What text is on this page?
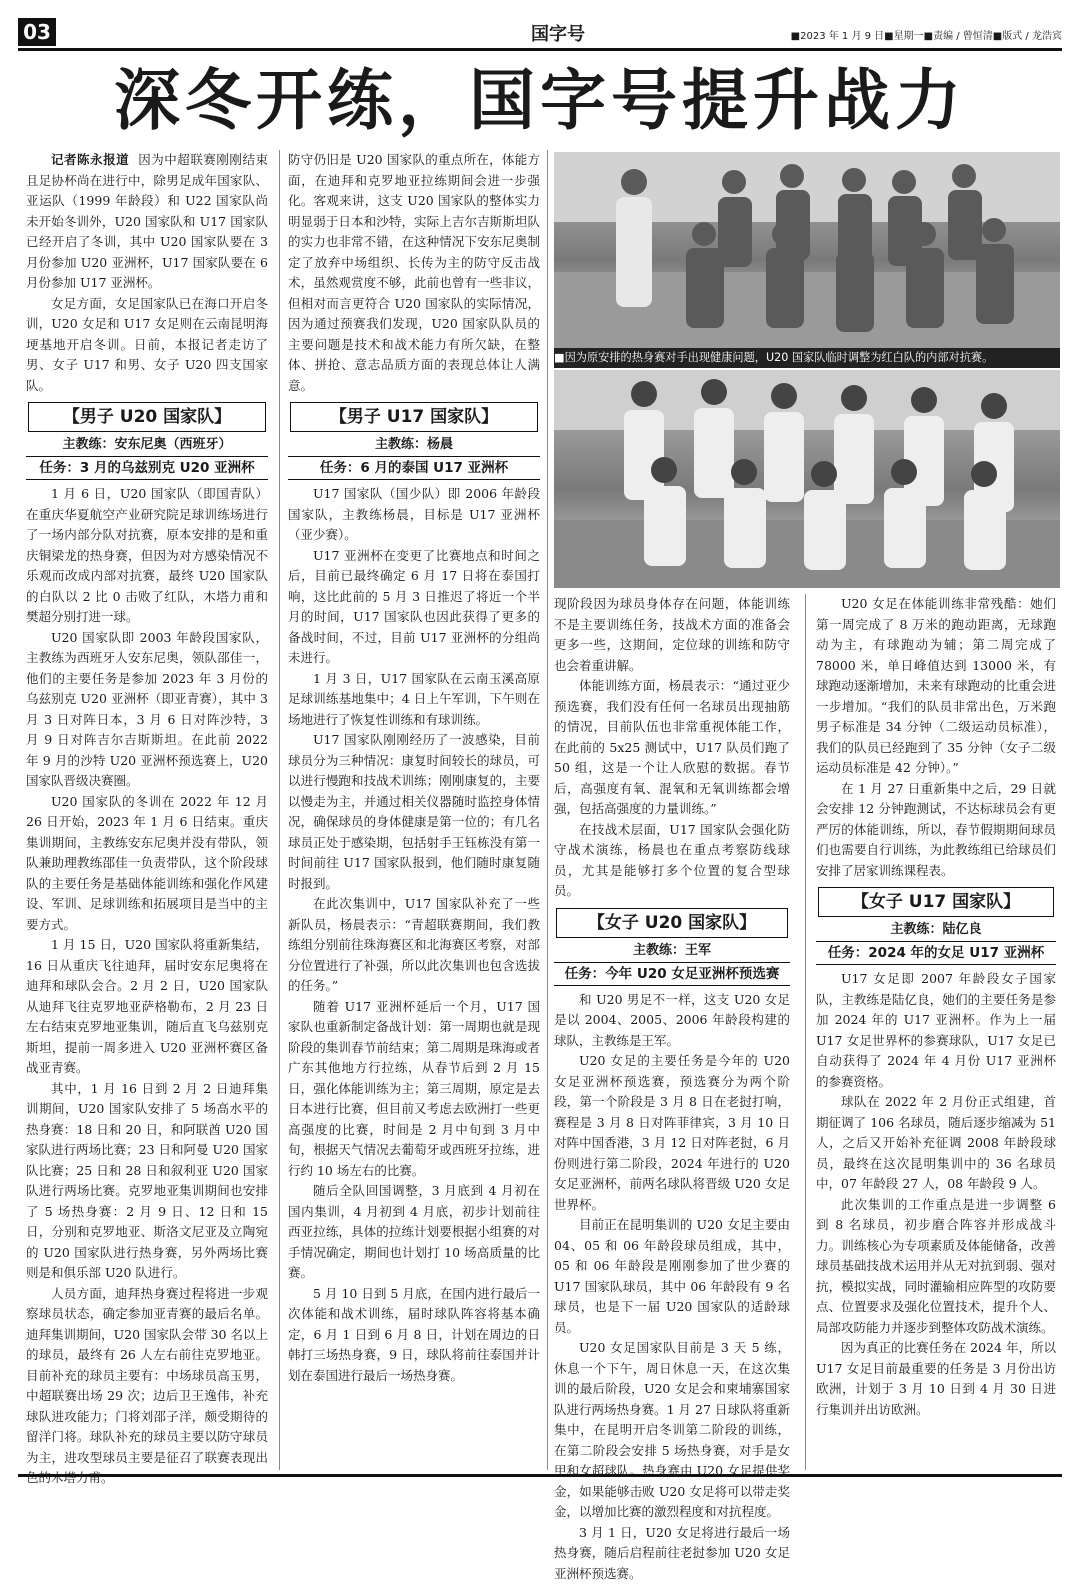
03	国字号	■2023 年 1 月 9 日■星期一■责编 / 曾恒清■版式 / 龙浩宾
深冬开练，国字号提升战力

记者陈永报道 因为中超联赛刚刚结束且足协杯尚在进行中，除男足成年国家队、亚运队（1999 年龄段）和 U22 国家队尚未开始冬训外，U20 国家队和 U17 国家队已经开启了冬训，其中 U20 国家队要在 3 月份参加 U20 亚洲杯，U17 国家队要在 6 月份参加 U17 亚洲杯。

女足方面，女足国家队已在海口开启冬训，U20 女足和 U17 女足则在云南昆明海埂基地开启冬训。日前，本报记者走访了男、女子 U17 和男、女子 U20 四支国家队。

【男子 U20 国家队】
主教练：安东尼奥（西班牙）
任务：3 月的乌兹别克 U20 亚洲杯

1 月 6 日，U20 国家队（即国青队）在重庆华夏航空产业研究院足球训练场进行了一场内部分队对抗赛，原本安排的是和重庆铜梁龙的热身赛，但因为对方感染情况不乐观而改成内部对抗赛，最终 U20 国家队的白队以 2 比 0 击败了红队，木塔力甫和樊超分别打进一球。

U20 国家队即 2003 年龄段国家队，主教练为西班牙人安东尼奥，领队邵佳一，他们的主要任务是参加 2023 年 3 月份的乌兹别克 U20 亚洲杯（即亚青赛），其中 3 月 3 日对阵日本，3 月 6 日对阵沙特，3 月 9 日对阵吉尔吉斯斯坦。在此前 2022 年 9 月的沙特 U20 亚洲杯预选赛上，U20 国家队晋级决赛圈。

U20 国家队的冬训在 2022 年 12 月 26 日开始，2023 年 1 月 6 日结束。重庆集训期间，主教练安东尼奥并没有带队，领队兼助理教练邵佳一负责带队，这个阶段球队的主要任务是基础体能训练和强化作风建设、军训、足球训练和拓展项目是当中的主要方式。

1 月 15 日，U20 国家队将重新集结，16 日从重庆飞往迪拜，届时安东尼奥将在迪拜和球队会合。2 月 2 日，U20 国家队从迪拜飞往克罗地亚萨格勒布，2 月 23 日左右结束克罗地亚集训，随后直飞乌兹别克斯坦，提前一周多进入 U20 亚洲杯赛区备战亚青赛。

其中，1 月 16 日到 2 月 2 日迪拜集训期间，U20 国家队安排了 5 场高水平的热身赛：18 日和 20 日，和阿联酋 U20 国家队进行两场比赛；23 日和阿曼 U20 国家队比赛；25 日和 28 日和叙利亚 U20 国家队进行两场比赛。克罗地亚集训期间也安排了 5 场热身赛：2 月 9 日、12 日和 15 日，分别和克罗地亚、斯洛文尼亚及立陶宛的 U20 国家队进行热身赛，另外两场比赛则是和俱乐部 U20 队进行。

人员方面，迪拜热身赛过程将进一步观察球员状态，确定参加亚青赛的最后名单。迪拜集训期间，U20 国家队会带 30 名以上的球员，最终有 26 人左右前往克罗地亚。目前补充的球员主要有：中场球员高玉男，中超联赛出场 29 次；边后卫王逸伟，补充球队进攻能力；门将刘邵子洋，颇受期待的留洋门将。球队补充的球员主要以防守球员为主，进攻型球员主要是征召了联赛表现出色的木塔力甫。

防守仍旧是 U20 国家队的重点所在，体能方面，在迪拜和克罗地亚拉练期间会进一步强化。客观来讲，这支 U20 国家队的整体实力明显弱于日本和沙特，实际上吉尔吉斯斯坦队的实力也非常不错，在这种情况下安东尼奥制定了放弃中场组织、长传为主的防守反击战术，虽然观赏度不够，此前也曾有一些非议，但相对而言更符合 U20 国家队的实际情况，因为通过预赛我们发现，U20 国家队队员的主要问题是技术和战术能力有所欠缺，在整体、拼抢、意志品质方面的表现总体让人满意。

【男子 U17 国家队】
主教练：杨晨
任务：6 月的泰国 U17 亚洲杯

U17 国家队（国少队）即 2006 年龄段国家队，主教练杨晨，目标是 U17 亚洲杯（亚少赛）。

U17 亚洲杯在变更了比赛地点和时间之后，目前已最终确定 6 月 17 日将在泰国打响，这比此前的 5 月 3 日推迟了将近一个半月的时间，U17 国家队也因此获得了更多的备战时间，不过，目前 U17 亚洲杯的分组尚未进行。

1 月 3 日，U17 国家队在云南玉溪高原足球训练基地集中；4 日上午军训，下午则在场地进行了恢复性训练和有球训练。

U17 国家队刚刚经历了一波感染，目前球员分为三种情况：康复时间较长的球员，可以进行慢跑和技战术训练；刚刚康复的，主要以慢走为主，并通过相关仪器随时监控身体情况，确保球员的身体健康是第一位的；有几名球员正处于感染期，包括射手王钰栋没有第一时间前往 U17 国家队报到，他们随时康复随时报到。

在此次集训中，U17 国家队补充了一些新队员，杨晨表示：“青超联赛期间，我们教练组分别前往珠海赛区和北海赛区考察，对部分位置进行了补强，所以此次集训也包含选拔的任务。”

随着 U17 亚洲杯延后一个月，U17 国家队也重新制定备战计划：第一周期也就是现阶段的集训春节前结束；第二周期是珠海或者广东其他地方行拉练，从春节后到 2 月 15 日，强化体能训练为主；第三周期，原定是去日本进行比赛，但目前又考虑去欧洲打一些更高强度的比赛，时间是 2 月中旬到 3 月中旬，根据天气情况去葡萄牙或西班牙拉练，进行约 10 场左右的比赛。

随后全队回国调整，3 月底到 4 月初在国内集训，4 月初到 4 月底，初步计划前往西亚拉练，具体的拉练计划要根据小组赛的对手情况确定，期间也计划打 10 场高质量的比赛。

5 月 10 日到 5 月底，在国内进行最后一次体能和战术训练，届时球队阵容将基本确定，6 月 1 日到 6 月 8 日，计划在周边的日韩打三场热身赛，9 日，球队将前往泰国并计划在泰国进行最后一场热身赛。

■因为原安排的热身赛对手出现健康问题，U20 国家队临时调整为红白队的内部对抗赛。

现阶段因为球员身体存在问题，体能训练不是主要训练任务，技战术方面的准备会更多一些，这期间，定位球的训练和防守也会着重讲解。

体能训练方面，杨晨表示：“通过亚少预选赛，我们没有任何一名球员出现抽筋的情况，目前队伍也非常重视体能工作，在此前的 5x25 测试中，U17 队员们跑了 50 组，这是一个让人欣慰的数据。春节后，高强度有氧、混氧和无氧训练都会增强，包括高强度的力量训练。”

在技战术层面，U17 国家队会强化防守战术演练，杨晨也在重点考察防线球员，尤其是能够打多个位置的复合型球员。

【女子 U20 国家队】
主教练：王军
任务：今年 U20 女足亚洲杯预选赛

和 U20 男足不一样，这支 U20 女足是以 2004、2005、2006 年龄段构建的球队，主教练是王军。

U20 女足的主要任务是今年的 U20 女足亚洲杯预选赛，预选赛分为两个阶段，第一个阶段是 3 月 8 日在老挝打响，赛程是 3 月 8 日对阵菲律宾，3 月 10 日对阵中国香港，3 月 12 日对阵老挝，6 月份则进行第二阶段，2024 年进行的 U20 女足亚洲杯，前两名球队将晋级 U20 女足世界杯。

目前正在昆明集训的 U20 女足主要由 04、05 和 06 年龄段球员组成，其中，05 和 06 年龄段是刚刚参加了世少赛的 U17 国家队球员，其中 06 年龄段有 9 名球员，也是下一届 U20 国家队的适龄球员。

U20 女足国家队目前是 3 天 5 练，休息一个下午，周日休息一天，在这次集训的最后阶段，U20 女足会和柬埔寨国家队进行两场热身赛。1 月 27 日球队将重新集中，在昆明开启冬训第二阶段的训练，在第二阶段会安排 5 场热身赛，对手是女甲和女超球队。热身赛由 U20 女足提供奖金，如果能够击败 U20 女足将可以带走奖金，以增加比赛的激烈程度和对抗程度。

3 月 1 日，U20 女足将进行最后一场热身赛，随后启程前往老挝参加 U20 女足亚洲杯预选赛。

U20 女足在体能训练非常残酷：她们第一周完成了 8 万米的跑动距离，无球跑动为主，有球跑动为辅；第二周完成了 78000 米，单日峰值达到 13000 米，有球跑动逐渐增加，未来有球跑动的比重会进一步增加。“我们的队员非常出色，万米跑男子标准是 34 分钟（二级运动员标准），我们的队员已经跑到了 35 分钟（女子二级运动员标准是 42 分钟）。”

在 1 月 27 日重新集中之后，29 日就会安排 12 分钟跑测试，不达标球员会有更严厉的体能训练，所以，春节假期期间球员们也需要自行训练，为此教练组已给球员们安排了居家训练课程表。

【女子 U17 国家队】
主教练：陆亿良
任务：2024 年的女足 U17 亚洲杯

U17 女足即 2007 年龄段女子国家队，主教练是陆亿良，她们的主要任务是参加 2024 年的 U17 亚洲杯。作为上一届 U17 女足世界杯的参赛球队，U17 女足已自动获得了 2024 年 4 月份 U17 亚洲杯的参赛资格。

球队在 2022 年 2 月份正式组建，首期征调了 106 名球员，随后逐步缩减为 51 人，之后又开始补充征调 2008 年龄段球员，最终在这次昆明集训中的 36 名球员中，07 年龄段 27 人，08 年龄段 9 人。

此次集训的工作重点是进一步调整 6 到 8 名球员，初步磨合阵容并形成战斗力。训练核心为专项素质及体能储备，改善球员基础技战术运用并从无对抗到弱、强对抗，模拟实战，同时灌输相应阵型的攻防要点、位置要求及强化位置技术，提升个人、局部攻防能力并逐步到整体攻防战术演练。

因为真正的比赛任务在 2024 年，所以 U17 女足目前最重要的任务是 3 月份出访欧洲，计划于 3 月 10 日到 4 月 30 日进行集训并出访欧洲。
